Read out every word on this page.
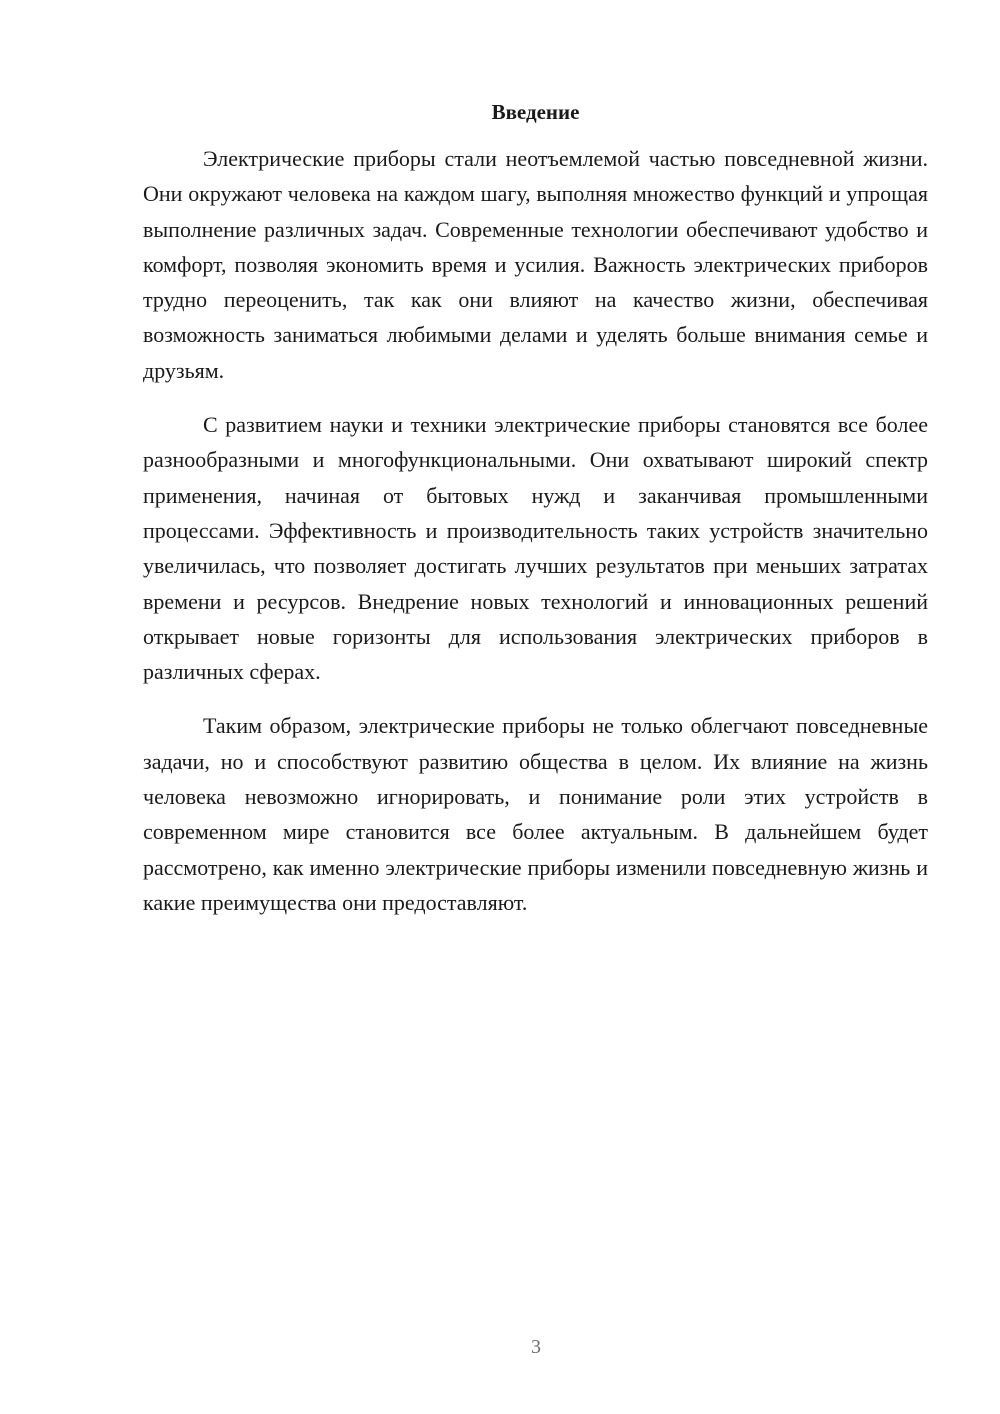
Введение

Электрические приборы стали неотъемлемой частью повседневной жизни. Они окружают человека на каждом шагу, выполняя множество функций и упрощая выполнение различных задач. Современные технологии обеспечивают удобство и комфорт, позволяя экономить время и усилия. Важность электрических приборов трудно переоценить, так как они влияют на качество жизни, обеспечивая возможность заниматься любимыми делами и уделять больше внимания семье и друзьям.

С развитием науки и техники электрические приборы становятся все более разнообразными и многофункциональными. Они охватывают широкий спектр применения, начиная от бытовых нужд и заканчивая промышленными процессами. Эффективность и производительность таких устройств значительно увеличилась, что позволяет достигать лучших результатов при меньших затратах времени и ресурсов. Внедрение новых технологий и инновационных решений открывает новые горизонты для использования электрических приборов в различных сферах.

Таким образом, электрические приборы не только облегчают повседневные задачи, но и способствуют развитию общества в целом. Их влияние на жизнь человека невозможно игнорировать, и понимание роли этих устройств в современном мире становится все более актуальным. В дальнейшем будет рассмотрено, как именно электрические приборы изменили повседневную жизнь и какие преимущества они предоставляют.

3
